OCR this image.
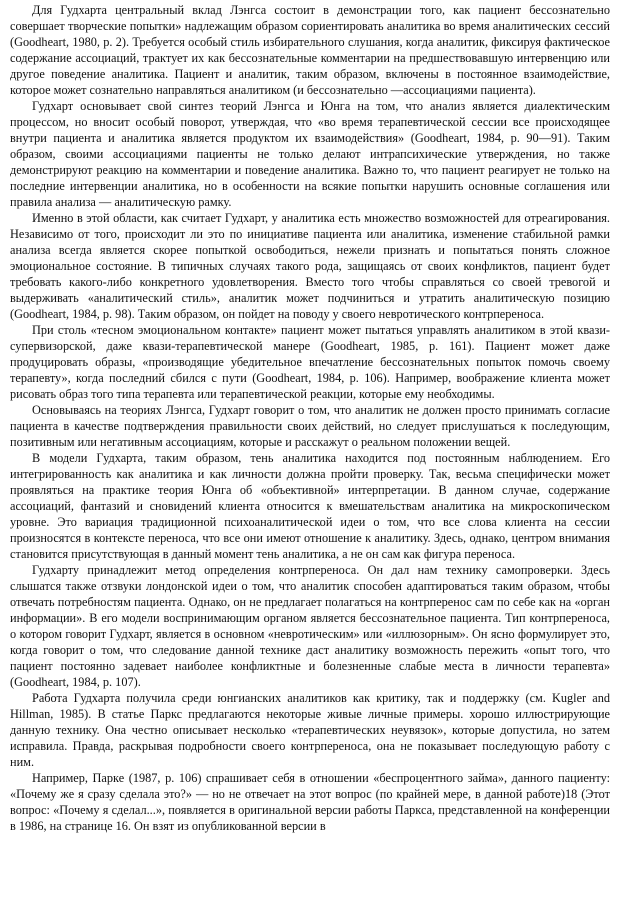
Для Гудхарта центральный вклад Лэнгса состоит в демонстрации того, как пациент бессознательно совершает творческие попытки» надлежащим образом сориентировать аналитика во время аналитических сессий (Goodheart, 1980, p. 2). Требуется особый стиль избирательного слушания, когда аналитик, фиксируя фактическое содержание ассоциаций, трактует их как бессознательные комментарии на предшествовавшую интервенцию или другое поведение аналитика. Пациент и аналитик, таким образом, включены в постоянное взаимодействие, которое может сознательно направляться аналитиком (и бессознательно —ассоциациями пациента).

Гудхарт основывает свой синтез теорий Лэнгса и Юнга на том, что анализ является диалектическим процессом, но вносит особый поворот, утверждая, что «во время терапевтической сессии все происходящее внутри пациента и аналитика является продуктом их взаимодействия» (Goodheart, 1984, p. 90—91). Таким образом, своими ассоциациями пациенты не только делают интрапсихические утверждения, но также демонстрируют реакцию на комментарии и поведение аналитика. Важно то, что пациент реагирует не только на последние интервенции аналитика, но в особенности на всякие попытки нарушить основные соглашения или правила анализа — аналитическую рамку.

Именно в этой области, как считает Гудхарт, у аналитика есть множество возможностей для отреагирования. Независимо от того, происходит ли это по инициативе пациента или аналитика, изменение стабильной рамки анализа всегда является скорее попыткой освободиться, нежели признать и попытаться понять сложное эмоциональное состояние. В типичных случаях такого рода, защищаясь от своих конфликтов, пациент будет требовать какого-либо конкретного удовлетворения. Вместо того чтобы справляться со своей тревогой и выдерживать «аналитический стиль», аналитик может подчиниться и утратить аналитическую позицию (Goodheart, 1984, p. 98). Таким образом, он пойдет на поводу у своего невротического контрпереноса.

При столь «тесном эмоциональном контакте» пациент может пытаться управлять аналитиком в этой квази-супервизорской, даже квази-терапевтической манере (Goodheart, 1985, p. 161). Пациент может даже продуцировать образы, «производящие убедительное впечатление бессознательных попыток помочь своему терапевту», когда последний сбился с пути (Goodheart, 1984, p. 106). Например, воображение клиента может рисовать образ того типа терапевта или терапевтической реакции, которые ему необходимы.

Основываясь на теориях Лэнгса, Гудхарт говорит о том, что аналитик не должен просто принимать согласие пациента в качестве подтверждения правильности своих действий, но следует прислушаться к последующим, позитивным или негативным ассоциациям, которые и расскажут о реальном положении вещей.

В модели Гудхарта, таким образом, тень аналитика находится под постоянным наблюдением. Его интегрированность как аналитика и как личности должна пройти проверку. Так, весьма специфически может проявляться на практике теория Юнга об «объективной» интерпретации. В данном случае, содержание ассоциаций, фантазий и сновидений клиента относится к вмешательствам аналитика на микроскопическом уровне. Это вариация традиционной психоаналитической идеи о том, что все слова клиента на сессии произносятся в контексте переноса, что все они имеют отношение к аналитику. Здесь, однако, центром внимания становится присутствующая в данный момент тень аналитика, а не он сам как фигура переноса.

Гудхарту принадлежит метод определения контрпереноса. Он дал нам технику самопроверки. Здесь слышатся также отзвуки лондонской идеи о том, что аналитик способен адаптироваться таким образом, чтобы отвечать потребностям пациента. Однако, он не предлагает полагаться на контрперенос сам по себе как на «орган информации». В его модели воспринимающим органом является бессознательное пациента. Тип контрпереноса, о котором говорит Гудхарт, является в основном «невротическим» или «иллюзорным». Он ясно формулирует это, когда говорит о том, что следование данной технике даст аналитику возможность пережить «опыт того, что пациент постоянно задевает наиболее конфликтные и болезненные слабые места в личности терапевта» (Goodheart, 1984, p. 107).

Работа Гудхарта получила среди юнгианских аналитиков как критику, так и поддержку (см. Kugler and Hillman, 1985). В статье Паркс предлагаются некоторые живые личные примеры. хорошо иллюстрирующие данную технику. Она честно описывает несколько «терапевтических неувязок», которые допустила, но затем исправила. Правда, раскрывая подробности своего контрпереноса, она не показывает последующую работу с ним.

Например, Парке (1987, p. 106) спрашивает себя в отношении «беспроцентного займа», данного пациенту: «Почему же я сразу сделала это?» — но не отвечает на этот вопрос (по крайней мере, в данной работе)18 (Этот вопрос: «Почему я сделал...», появляется в оригинальной версии работы Паркса, представленной на конференции в 1986, на странице 16. Он взят из опубликованной версии в
